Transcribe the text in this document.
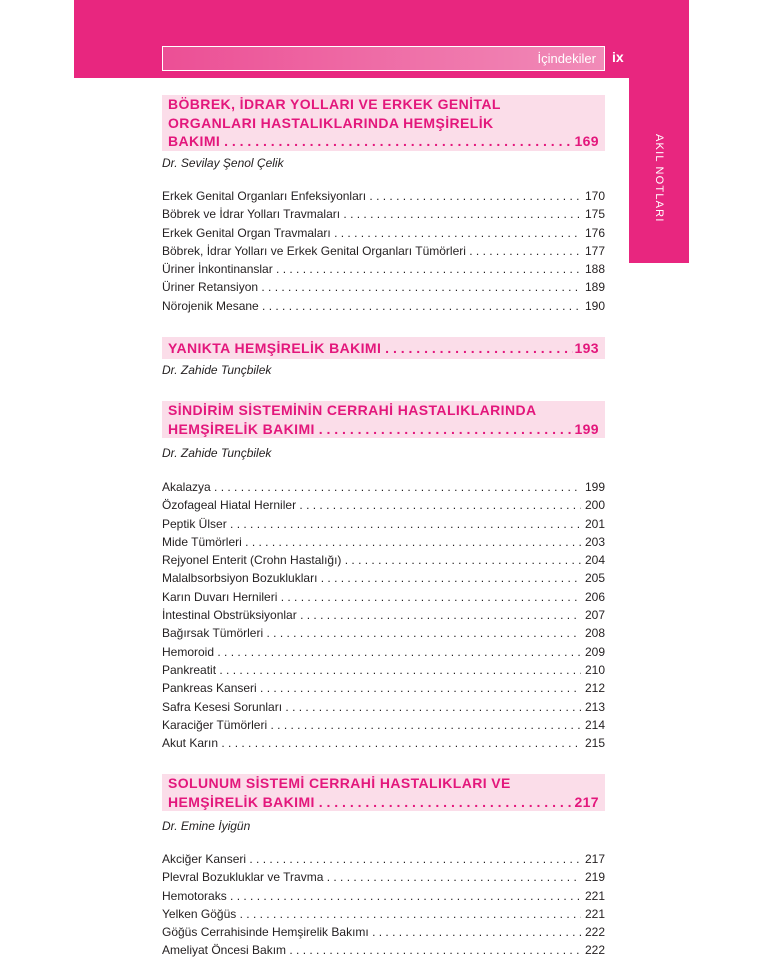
İçindekiler ix
AKIL NOTLARI
BÖBREK, İDRAR YOLLARI VE ERKEK GENİTAL
ORGANLARI HASTALIKLARINDA HEMŞİRELİK
BAKIMI . . .	169
Dr. Sevilay Şenol Çelik
Erkek Genital Organları Enfeksiyonları . . .	170
Böbrek ve İdrar Yolları Travmaları . . .	175
Erkek Genital Organ Travmaları . . .	176
Böbrek, İdrar Yolları ve Erkek Genital Organları Tümörleri . . .	177
Üriner İnkontinanslar . . .	188
Üriner Retansiyon . . .	189
Nörojenik Mesane . . .	190
YANIKTA HEMŞİRELİK BAKIMI . . .	193
Dr. Zahide Tunçbilek
SİNDİRİM SİSTEMİNİN CERRAHİ HASTALIKLARINDA
HEMŞİRELİK BAKIMI . . .	199
Dr. Zahide Tunçbilek
Akalazya . . .	199
Özofageal Hiatal Herniler . . .	200
Peptik Ülser . . .	201
Mide Tümörleri . . .	203
Rejyonel Enterit (Crohn Hastalığı) . . .	204
Malalbsorbsiyon Bozuklukları . . .	205
Karın Duvarı Hernileri . . .	206
İntestinal Obstrüksiyonlar . . .	207
Bağırsak Tümörleri . . .	208
Hemoroid . . .	209
Pankreatit . . .	210
Pankreas Kanseri . . .	212
Safra Kesesi Sorunları . . .	213
Karaciğer Tümörleri . . .	214
Akut Karın . . .	215
SOLUNUM SİSTEMİ CERRAHİ HASTALIKLARI VE
HEMŞİRELİK BAKIMI . . .	217
Dr. Emine İyigün
Akciğer Kanseri . . .	217
Plevral Bozukluklar ve Travma . . .	219
Hemotoraks . . .	221
Yelken Göğüs . . .	221
Göğüs Cerrahisinde Hemşirelik Bakımı . . .	222
Ameliyat Öncesi Bakım . . .	222
